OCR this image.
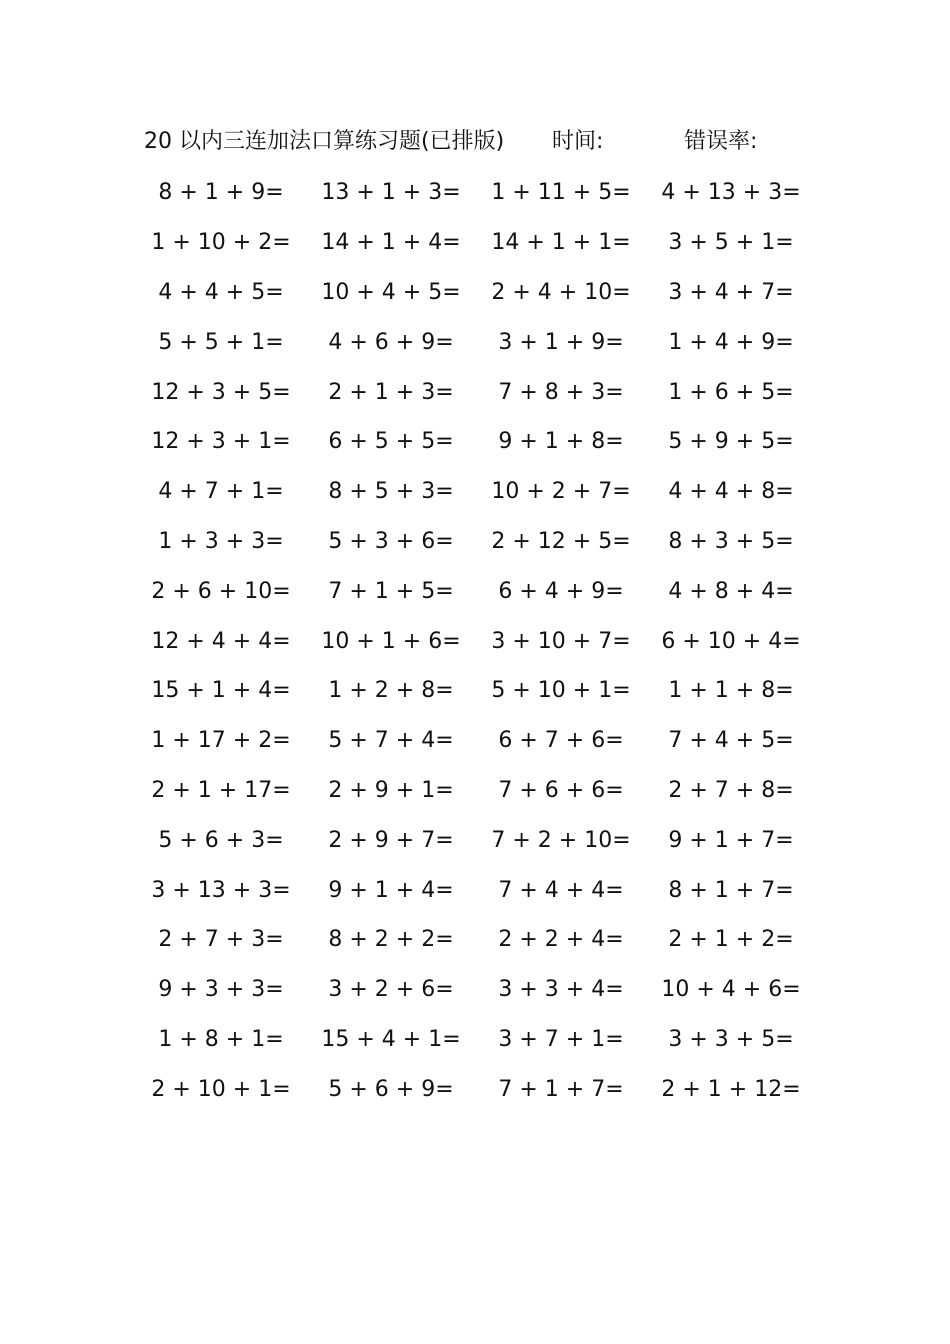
20 以内三连加法口算练习题(已排版) 时间:	错误率:
8 + 1 + 9=	13 + 1 + 3=	1 + 11 + 5=	4 + 13 + 3=
1 + 10 + 2=	14 + 1 + 4=	14 + 1 + 1=	3 + 5 + 1=
4 + 4 + 5=	10 + 4 + 5=	2 + 4 + 10=	3 + 4 + 7=
5 + 5 + 1=	4 + 6 + 9=	3 + 1 + 9=	1 + 4 + 9=
12 + 3 + 5=	2 + 1 + 3=	7 + 8 + 3=	1 + 6 + 5=
12 + 3 + 1=	6 + 5 + 5=	9 + 1 + 8=	5 + 9 + 5=
4 + 7 + 1=	8 + 5 + 3=	10 + 2 + 7=	4 + 4 + 8=
1 + 3 + 3=	5 + 3 + 6=	2 + 12 + 5=	8 + 3 + 5=
2 + 6 + 10=	7 + 1 + 5=	6 + 4 + 9=	4 + 8 + 4=
12 + 4 + 4=	10 + 1 + 6=	3 + 10 + 7=	6 + 10 + 4=
15 + 1 + 4=	1 + 2 + 8=	5 + 10 + 1=	1 + 1 + 8=
1 + 17 + 2=	5 + 7 + 4=	6 + 7 + 6=	7 + 4 + 5=
2 + 1 + 17=	2 + 9 + 1=	7 + 6 + 6=	2 + 7 + 8=
5 + 6 + 3=	2 + 9 + 7=	7 + 2 + 10=	9 + 1 + 7=
3 + 13 + 3=	9 + 1 + 4=	7 + 4 + 4=	8 + 1 + 7=
2 + 7 + 3=	8 + 2 + 2=	2 + 2 + 4=	2 + 1 + 2=
9 + 3 + 3=	3 + 2 + 6=	3 + 3 + 4=	10 + 4 + 6=
1 + 8 + 1=	15 + 4 + 1=	3 + 7 + 1=	3 + 3 + 5=
2 + 10 + 1=	5 + 6 + 9=	7 + 1 + 7=	2 + 1 + 12=
